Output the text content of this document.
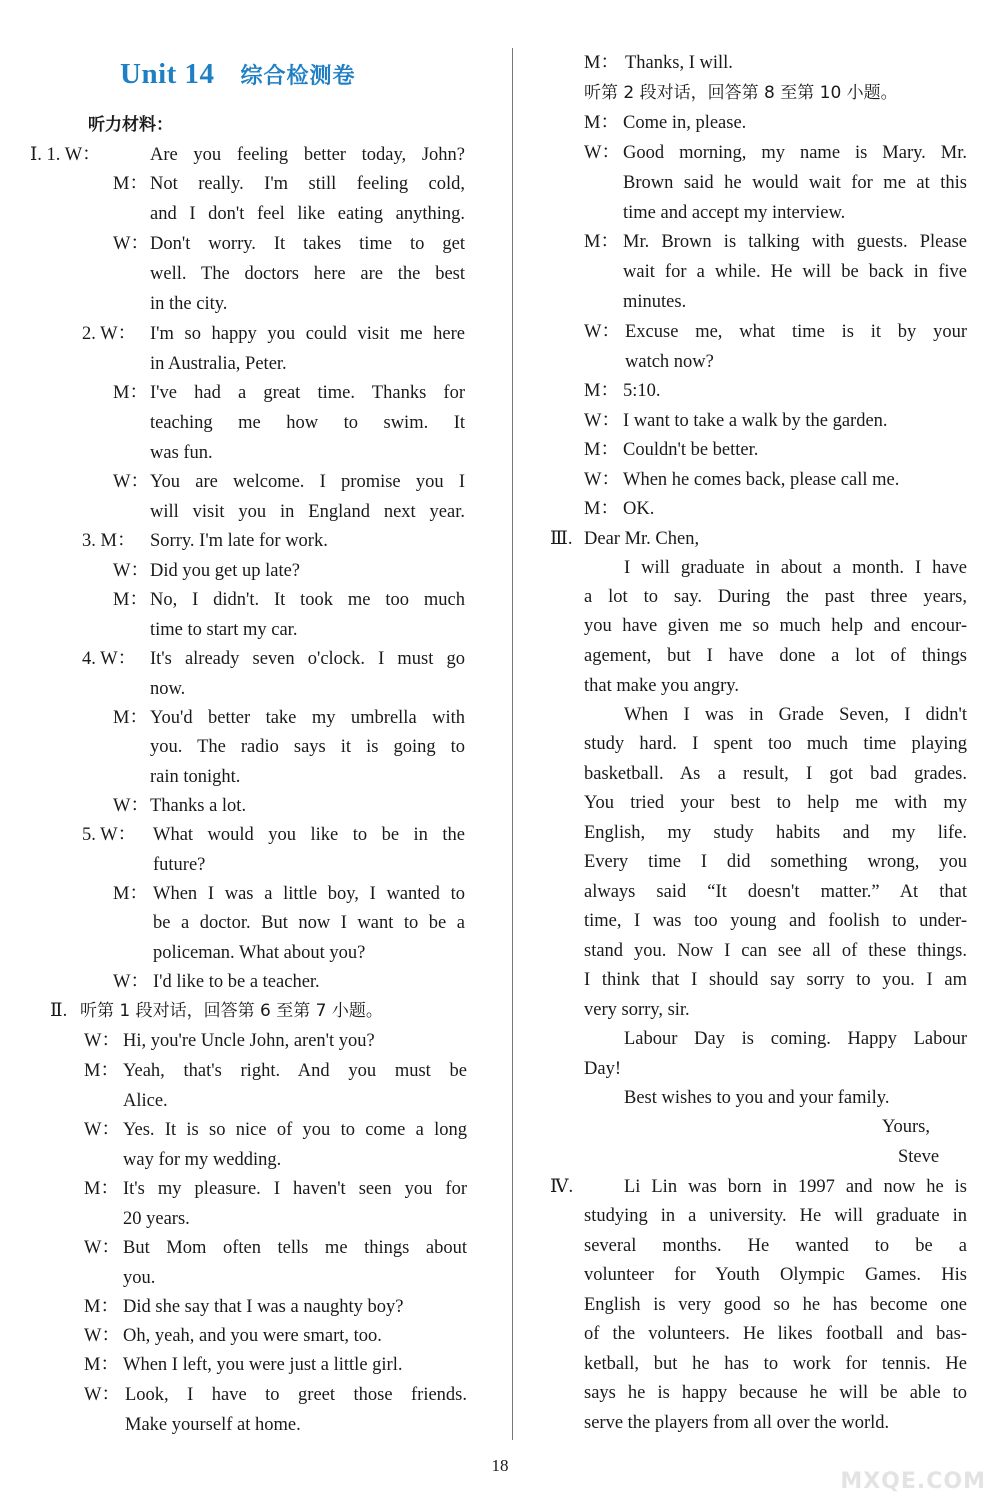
Unit 14 综合检测卷
听力材料：
Ⅰ. 1. W：	Are you feeling better today, John?
M： Not really. I'm still feeling cold,
and I don't feel like eating anything.
W： Don't worry. It takes time to get
well. The doctors here are the best
in the city.
2. W： I'm so happy you could visit me here
in Australia, Peter.
M： I've had a great time. Thanks for
teaching me how to swim. It
was fun.
W： You are welcome. I promise you I
will visit you in England next year.
3. M： Sorry. I'm late for work.
W： Did you get up late?
M： No, I didn't. It took me too much
time to start my car.
4. W： It's already seven o'clock. I must go
now.
M： You'd better take my umbrella with
you. The radio says it is going to
rain tonight.
W： Thanks a lot.
5. W： What would you like to be in the
future?
M： When I was a little boy, I wanted to
be a doctor. But now I want to be a
policeman. What about you?
W： I'd like to be a teacher.
Ⅱ. 听第 1 段对话，回答第 6 至第 7 小题。
W： Hi, you're Uncle John, aren't you?
M： Yeah, that's right. And you must be
Alice.
W： Yes. It is so nice of you to come a long
way for my wedding.
M： It's my pleasure. I haven't seen you for
20 years.
W： But Mom often tells me things about
you.
M： Did she say that I was a naughty boy?
W： Oh, yeah, and you were smart, too.
M： When I left, you were just a little girl.
W： Look, I have to greet those friends.
Make yourself at home.
M： Thanks, I will.
听第 2 段对话，回答第 8 至第 10 小题。
M： Come in, please.
W： Good morning, my name is Mary. Mr.
Brown said he would wait for me at this
time and accept my interview.
M： Mr. Brown is talking with guests. Please
wait for a while. He will be back in five
minutes.
W： Excuse me, what time is it by your
watch now?
M： 5:10.
W： I want to take a walk by the garden.
M： Couldn't be better.
W： When he comes back, please call me.
M： OK.
Ⅲ. Dear Mr. Chen,
I will graduate in about a month. I have
a lot to say. During the past three years,
you have given me so much help and encour-
agement, but I have done a lot of things
that make you angry.
When I was in Grade Seven, I didn't
study hard. I spent too much time playing
basketball. As a result, I got bad grades.
You tried your best to help me with my
English, my study habits and my life.
Every time I did something wrong, you
always said “It doesn't matter.” At that
time, I was too young and foolish to under-
stand you. Now I can see all of these things.
I think that I should say sorry to you. I am
very sorry, sir.
Labour Day is coming. Happy Labour
Day!
Best wishes to you and your family.
Yours,
Steve
Ⅳ.	Li Lin was born in 1997 and now he is
studying in a university. He will graduate in
several months. He wanted to be a
volunteer for Youth Olympic Games. His
English is very good so he has become one
of the volunteers. He likes football and bas-
ketball, but he has to work for tennis. He
says he is happy because he will be able to
serve the players from all over the world.
18
MXQE.COM
